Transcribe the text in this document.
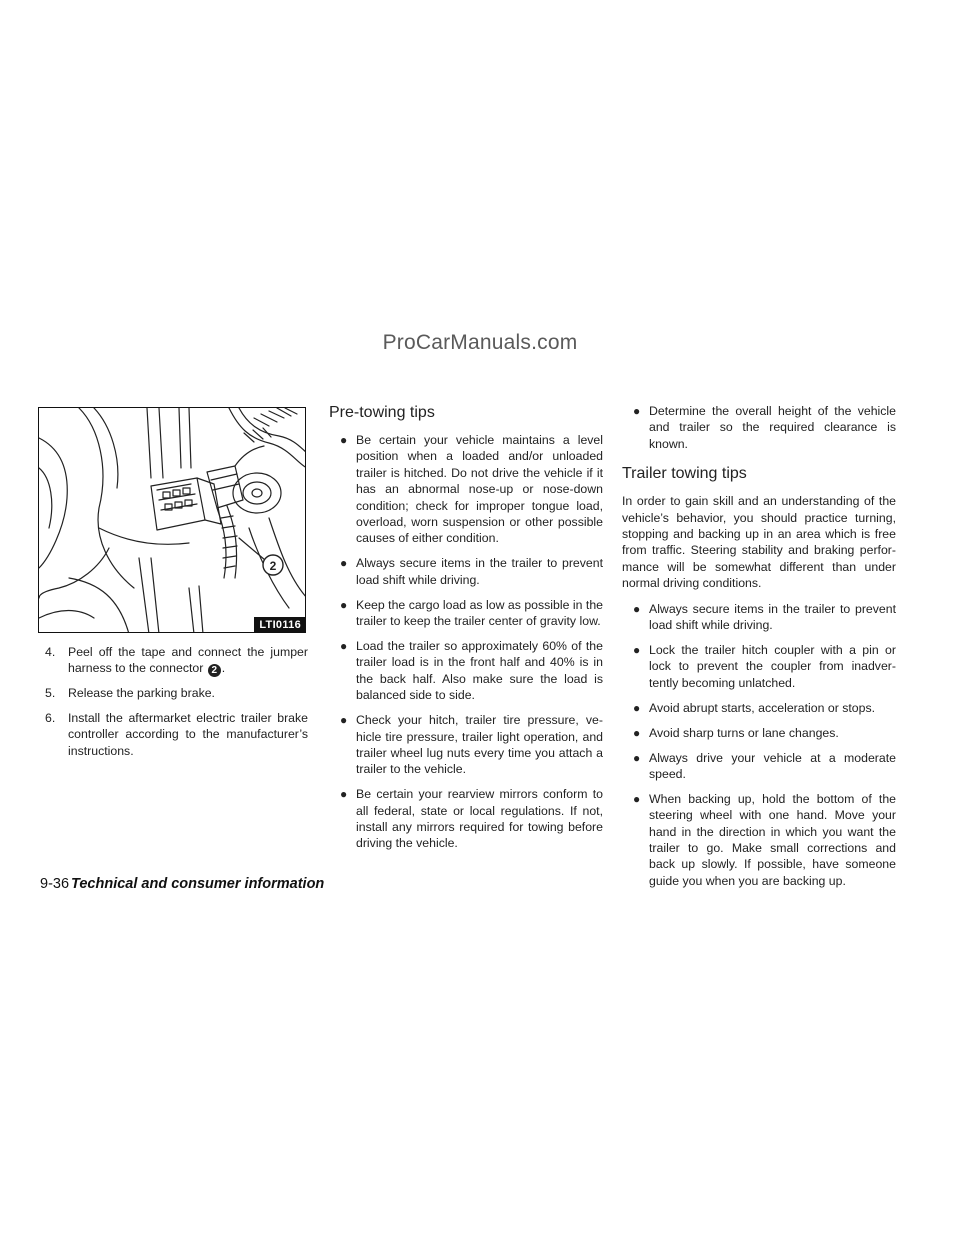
ProCarManuals.com
2
LTI0116
4. Peel off the tape and connect the jumper harness to the connector 2 .
5. Release the parking brake.
6. Install the aftermarket electric trailer brake controller according to the manufacturer’s instructions.
Pre-towing tips
● Be certain your vehicle maintains a level position when a loaded and/or unloaded trailer is hitched. Do not drive the vehicle if it has an abnormal nose-up or nose-down condition; check for improper tongue load, overload, worn suspension or other possible causes of either condition.
● Always secure items in the trailer to prevent load shift while driving.
● Keep the cargo load as low as possible in the trailer to keep the trailer center of gravity low.
● Load the trailer so approximately 60% of the trailer load is in the front half and 40% is in the back half. Also make sure the load is balanced side to side.
● Check your hitch, trailer tire pressure, ve-hicle tire pressure, trailer light operation, and trailer wheel lug nuts every time you attach a trailer to the vehicle.
● Be certain your rearview mirrors conform to all federal, state or local regulations. If not, install any mirrors required for towing before driving the vehicle.
● Determine the overall height of the vehicle and trailer so the required clearance is known.
Trailer towing tips

In order to gain skill and an understanding of the vehicle’s behavior, you should practice turning, stopping and backing up in an area which is free from traffic. Steering stability and braking perfor-mance will be somewhat different than under normal driving conditions.

● Always secure items in the trailer to prevent load shift while driving.
● Lock the trailer hitch coupler with a pin or lock to prevent the coupler from inadver-tently becoming unlatched.
● Avoid abrupt starts, acceleration or stops.
● Avoid sharp turns or lane changes.
● Always drive your vehicle at a moderate speed.
● When backing up, hold the bottom of the steering wheel with one hand. Move your hand in the direction in which you want the trailer to go. Make small corrections and back up slowly. If possible, have someone guide you when you are backing up.
9-36 Technical and consumer information
